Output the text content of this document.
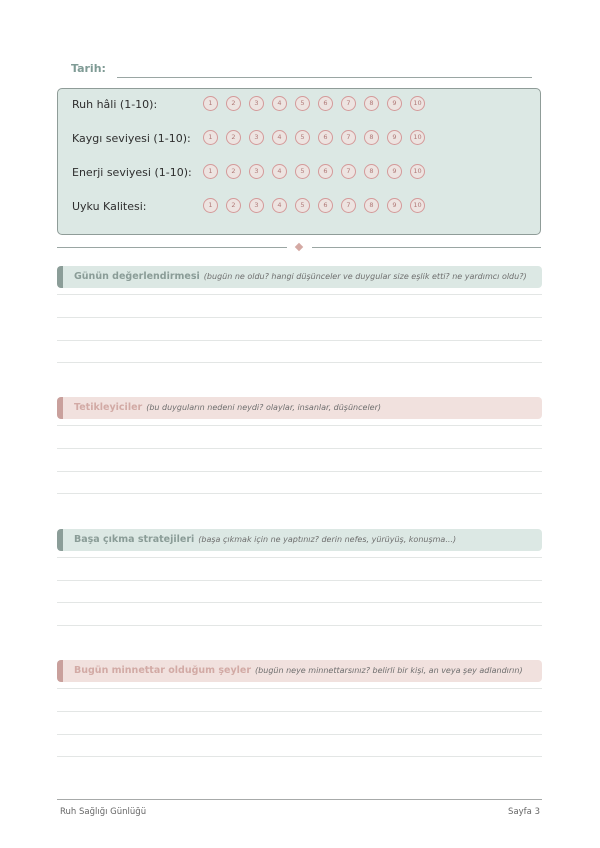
Tarih:
Ruh hâli (1-10):	1	2	3	4	5	6	7	8	9	10
Kaygı seviyesi (1-10):	1	2	3	4	5	6	7	8	9	10
Enerji seviyesi (1-10):	1	2	3	4	5	6	7	8	9	10
Uyku Kalitesi:	1	2	3	4	5	6	7	8	9	10
Günün değerlendirmesi (bugün ne oldu? hangi düşünceler ve duygular size eşlik etti? ne yardımcı oldu?)
Tetikleyiciler (bu duyguların nedeni neydi? olaylar, insanlar, düşünceler)
Başa çıkma stratejileri (başa çıkmak için ne yaptınız? derin nefes, yürüyüş, konuşma...)
Bugün minnettar olduğum şeyler (bugün neye minnettarsınız? belirli bir kişi, an veya şey adlandırın)
Ruh Sağlığı Günlüğü	Sayfa 3
